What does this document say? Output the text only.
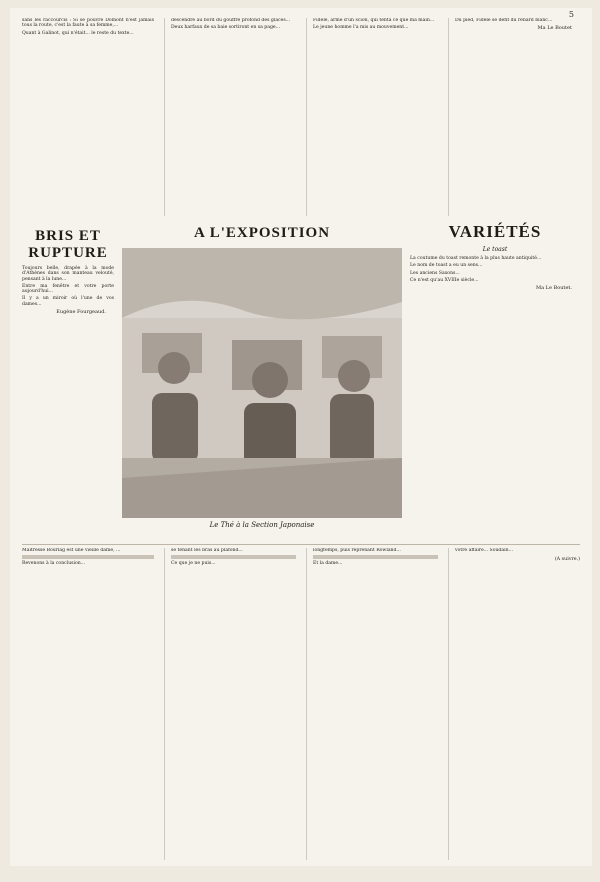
5

sans les raccourcis : Si se pouvre Domont n'est jamais tous la route, c'est la faute à sa femme,...

Quant à Galinot, qui n'était... le reste du texte...

descendre au bord du gouffre profond des glaces...

Deux harfaux de sa baie sortiront en sa page...

Fidèle, armé d'un scion, qui tenta ce que ma main...

Le jeune homme l'a mis au mouvement...

Du pied, Fidèle se défit du renard blanc...

Ma Le Boutet
BRIS ET RUPTURE

Toujours belle, drapée à la mode d'Athènes dans son manteau velouté, pensant à la lune...

Entre ma fenêtre et votre porte aujourd'hui...

Il y a un miroir où l'une de vos dames...

Eugène Fourgeaud.
A L'EXPOSITION
Le Thé à la Section Japonaise
VARIÉTÉS
Le toast

La coutume du toast remonte à la plus haute antiquité...

Le nom de toast a eu un sens...

Les anciens Saxons...

Ce n'est qu'au XVIIIe siècle...

Ma Le Boutet.

Maîtresse Bourlag est une vieille dame, ...

Revenons à la conclusion...

se tenant les bras au plafond...

Ce que je ne puis...

longtemps, puis reprenant Rowland...

Et la dame...

votre affaire... Soudain...

(A suivre.)
